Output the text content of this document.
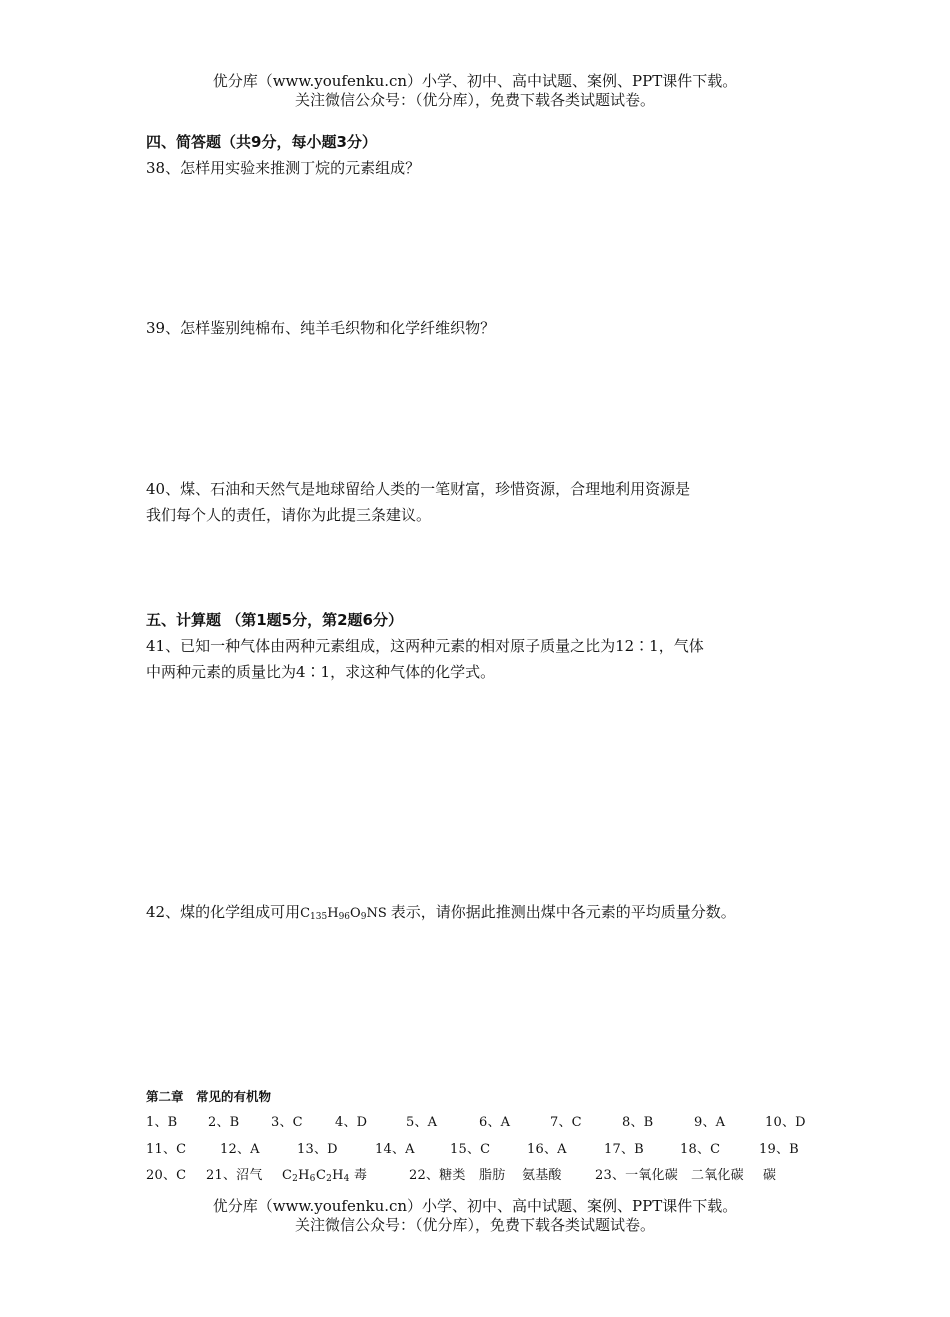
优分库（www.youfenku.cn）小学、初中、高中试题、案例、PPT课件下载。
关注微信公众号：（优分库），免费下载各类试题试卷。
四、简答题（共9分，每小题3分）
38、怎样用实验来推测丁烷的元素组成？
39、怎样鉴别纯棉布、纯羊毛织物和化学纤维织物？
40、煤、石油和天然气是地球留给人类的一笔财富，珍惜资源，合理地利用资源是
我们每个人的责任，请你为此提三条建议。
五、计算题 （第1题5分，第2题6分）
41、已知一种气体由两种元素组成，这两种元素的相对原子质量之比为12∶1，气体
中两种元素的质量比为4∶1，求这种气体的化学式。
42、煤的化学组成可用$C_{135}H_{96}O_9NS$ 表示，请你据此推测出煤中各元素的平均质量分数。
第二章　常见的有机物
1、B 2、B 3、C 4、D	5、A	6、A	7、C	8、B	9、A	10、D
11、C	12、A	13、D	14、A	15、C	16、A	17、B	18、C	19、B
20、C 21、沼气 $C_2H_6C_2H_4$ 毒	22、糖类 脂肪 氨基酸	23、一氧化碳 二氧化碳 碳
优分库（www.youfenku.cn）小学、初中、高中试题、案例、PPT课件下载。
关注微信公众号：（优分库），免费下载各类试题试卷。
